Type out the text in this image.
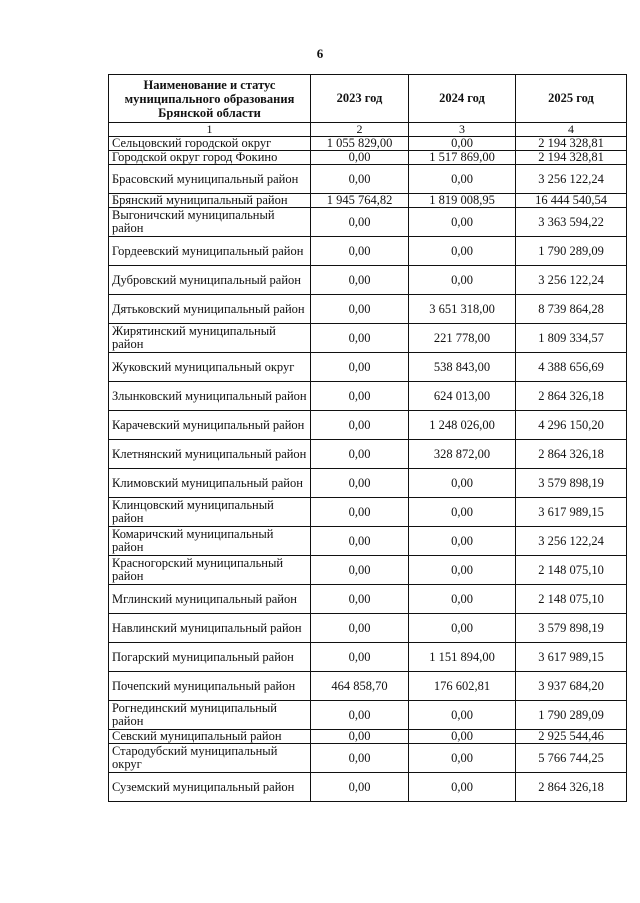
6
Наименование и статус муниципального образования Брянской области	2023 год	2024 год	2025 год
1	2	3	4
Сельцовский городской округ	1 055 829,00	0,00	2 194 328,81
Городской округ город Фокино	0,00	1 517 869,00	2 194 328,81
Брасовский муниципальный район	0,00	0,00	3 256 122,24
Брянский муниципальный район	1 945 764,82	1 819 008,95	16 444 540,54
Выгоничский муниципальный район	0,00	0,00	3 363 594,22
Гордеевский муниципальный район	0,00	0,00	1 790 289,09
Дубровский муниципальный район	0,00	0,00	3 256 122,24
Дятьковский муниципальный район	0,00	3 651 318,00	8 739 864,28
Жирятинский муниципальный район	0,00	221 778,00	1 809 334,57
Жуковский муниципальный округ	0,00	538 843,00	4 388 656,69
Злынковский муниципальный район	0,00	624 013,00	2 864 326,18
Карачевский муниципальный район	0,00	1 248 026,00	4 296 150,20
Клетнянский муниципальный район	0,00	328 872,00	2 864 326,18
Климовский муниципальный район	0,00	0,00	3 579 898,19
Клинцовский муниципальный район	0,00	0,00	3 617 989,15
Комаричский муниципальный район	0,00	0,00	3 256 122,24
Красногорский муниципальный район	0,00	0,00	2 148 075,10
Мглинский муниципальный район	0,00	0,00	2 148 075,10
Навлинский муниципальный район	0,00	0,00	3 579 898,19
Погарский муниципальный район	0,00	1 151 894,00	3 617 989,15
Почепский муниципальный район	464 858,70	176 602,81	3 937 684,20
Рогнединский муниципальный район	0,00	0,00	1 790 289,09
Севский муниципальный район	0,00	0,00	2 925 544,46
Стародубский муниципальный округ	0,00	0,00	5 766 744,25
Суземский муниципальный район	0,00	0,00	2 864 326,18
